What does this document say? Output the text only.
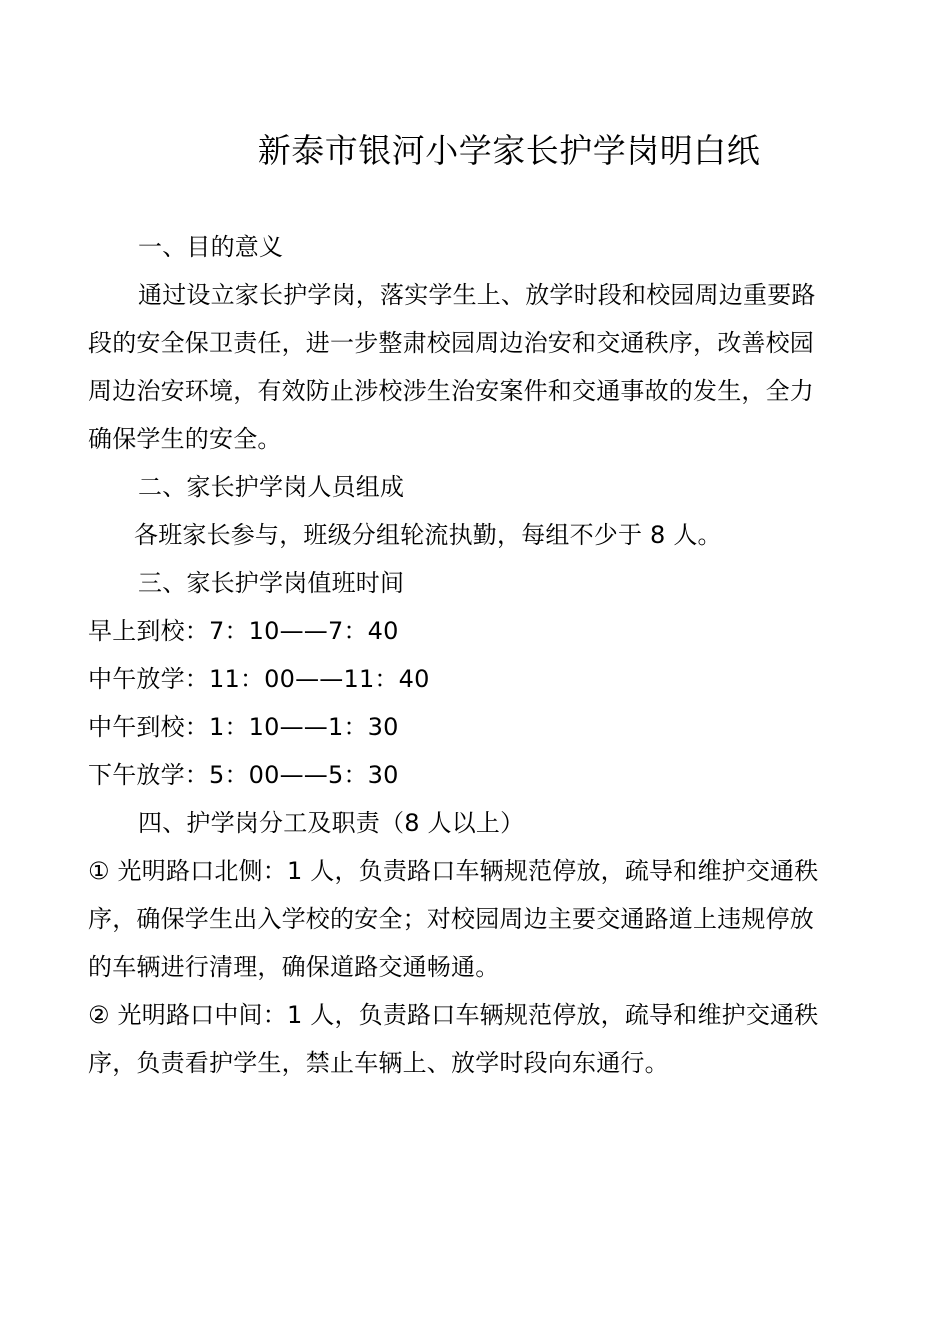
新泰市银河小学家长护学岗明白纸
一、目的意义
通过设立家长护学岗，落实学生上、放学时段和校园周边重要路
段的安全保卫责任，进一步整肃校园周边治安和交通秩序，改善校园
周边治安环境，有效防止涉校涉生治安案件和交通事故的发生，全力
确保学生的安全。
二、家长护学岗人员组成
各班家长参与，班级分组轮流执勤，每组不少于 8 人。
三、家长护学岗值班时间
早上到校：7：10——7：40
中午放学：11：00——11：40
中午到校：1：10——1：30
下午放学：5：00——5：30
四、护学岗分工及职责（8 人以上）
① 光明路口北侧：1 人，负责路口车辆规范停放，疏导和维护交通秩
序，确保学生出入学校的安全；对校园周边主要交通路道上违规停放
的车辆进行清理，确保道路交通畅通。
② 光明路口中间：1 人，负责路口车辆规范停放，疏导和维护交通秩
序，负责看护学生，禁止车辆上、放学时段向东通行。
